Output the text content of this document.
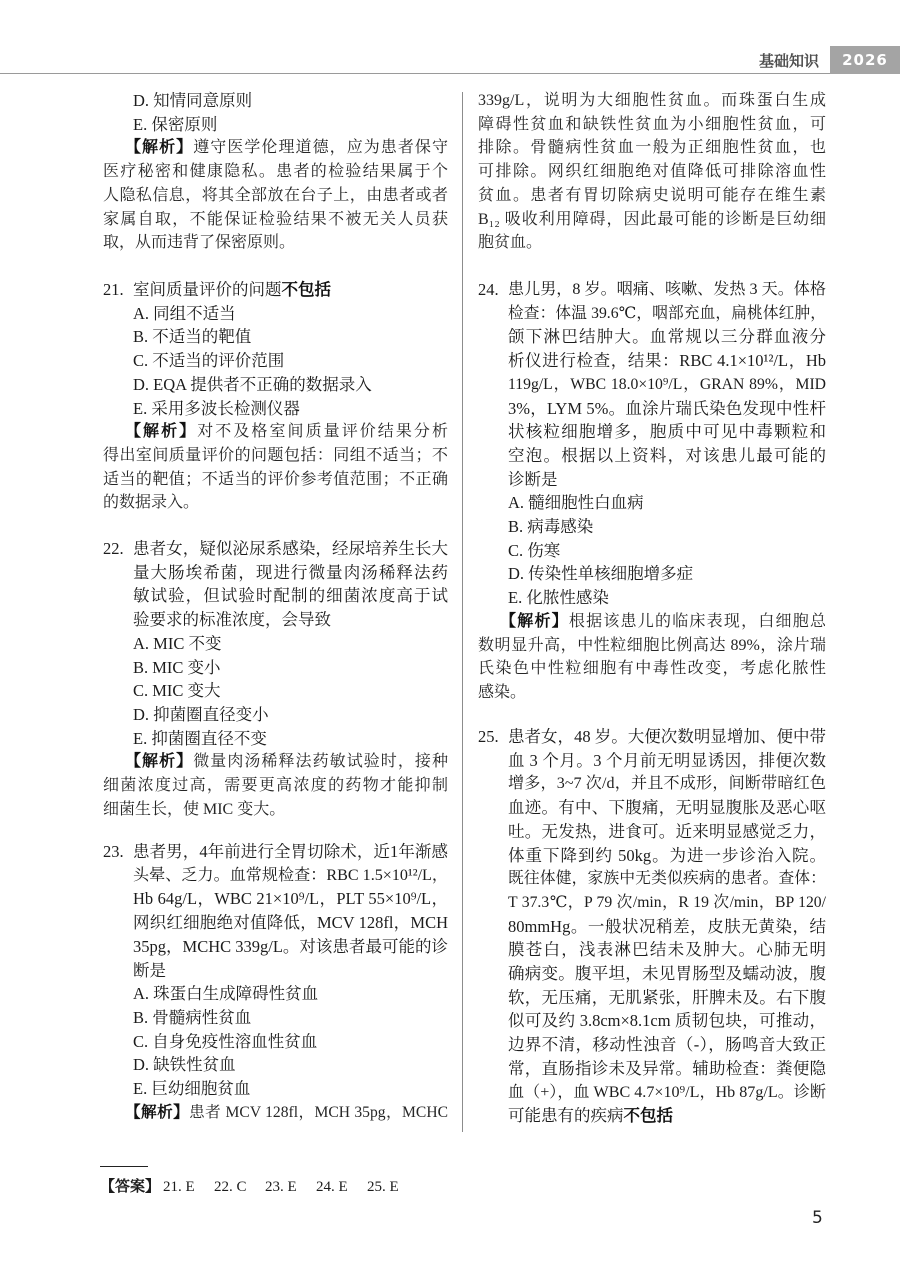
基础知识	2026
D. 知情同意原则
E. 保密原则
【解析】遵守医学伦理道德，应为患者保守
医疗秘密和健康隐私。患者的检验结果属于个
人隐私信息，将其全部放在台子上，由患者或者
家属自取，不能保证检验结果不被无关人员获
取，从而违背了保密原则。
21. 室间质量评价的问题不包括
A. 同组不适当
B. 不适当的靶值
C. 不适当的评价范围
D. EQA 提供者不正确的数据录入
E. 采用多波长检测仪器
【解析】对不及格室间质量评价结果分析
得出室间质量评价的问题包括：同组不适当；不
适当的靶值；不适当的评价参考值范围；不正确
的数据录入。
22. 患者女，疑似泌尿系感染，经尿培养生长大
量大肠埃希菌，现进行微量肉汤稀释法药
敏试验，但试验时配制的细菌浓度高于试
验要求的标准浓度，会导致
A. MIC 不变
B. MIC 变小
C. MIC 变大
D. 抑菌圈直径变小
E. 抑菌圈直径不变
【解析】微量肉汤稀释法药敏试验时，接种
细菌浓度过高，需要更高浓度的药物才能抑制
细菌生长，使 MIC 变大。
23. 患者男，4年前进行全胃切除术，近1年渐感
头晕、乏力。血常规检查：RBC 1.5×10¹²/L，
Hb 64g/L，WBC 21×10⁹/L，PLT 55×10⁹/L，
网织红细胞绝对值降低，MCV 128fl，MCH
35pg，MCHC 339g/L。对该患者最可能的诊
断是
A. 珠蛋白生成障碍性贫血
B. 骨髓病性贫血
C. 自身免疫性溶血性贫血
D. 缺铁性贫血
E. 巨幼细胞贫血
【解析】患者 MCV 128fl，MCH 35pg，MCHC
339g/L，说明为大细胞性贫血。而珠蛋白生成
障碍性贫血和缺铁性贫血为小细胞性贫血，可
排除。骨髓病性贫血一般为正细胞性贫血，也
可排除。网织红细胞绝对值降低可排除溶血性
贫血。患者有胃切除病史说明可能存在维生素
B₁₂ 吸收利用障碍，因此最可能的诊断是巨幼细
胞贫血。
24. 患儿男，8 岁。咽痛、咳嗽、发热 3 天。体格
检查：体温 39.6℃，咽部充血，扁桃体红肿，
颌下淋巴结肿大。血常规以三分群血液分
析仪进行检查，结果：RBC 4.1×10¹²/L，Hb
119g/L，WBC 18.0×10⁹/L，GRAN 89%，MID
3%，LYM 5%。血涂片瑞氏染色发现中性杆
状核粒细胞增多，胞质中可见中毒颗粒和
空泡。根据以上资料，对该患儿最可能的
诊断是
A. 髓细胞性白血病
B. 病毒感染
C. 伤寒
D. 传染性单核细胞增多症
E. 化脓性感染
【解析】根据该患儿的临床表现，白细胞总
数明显升高，中性粒细胞比例高达 89%，涂片瑞
氏染色中性粒细胞有中毒性改变，考虑化脓性
感染。
25. 患者女，48 岁。大便次数明显增加、便中带
血 3 个月。3 个月前无明显诱因，排便次数
增多，3~7 次/d，并且不成形，间断带暗红色
血迹。有中、下腹痛，无明显腹胀及恶心呕
吐。无发热，进食可。近来明显感觉乏力，
体重下降到约 50kg。为进一步诊治入院。
既往体健，家族中无类似疾病的患者。查体：
T 37.3℃，P 79 次/min，R 19 次/min，BP 120/
80mmHg。一般状况稍差，皮肤无黄染，结
膜苍白，浅表淋巴结未及肿大。心肺无明
确病变。腹平坦，未见胃肠型及蠕动波，腹
软，无压痛，无肌紧张，肝脾未及。右下腹
似可及约 3.8cm×8.1cm 质韧包块，可推动，
边界不清，移动性浊音（-），肠鸣音大致正
常，直肠指诊未及异常。辅助检查：粪便隐
血（+），血 WBC 4.7×10⁹/L，Hb 87g/L。诊断
可能患有的疾病不包括
【答案】 21. E	22. C	23. E	24. E	25. E
5
